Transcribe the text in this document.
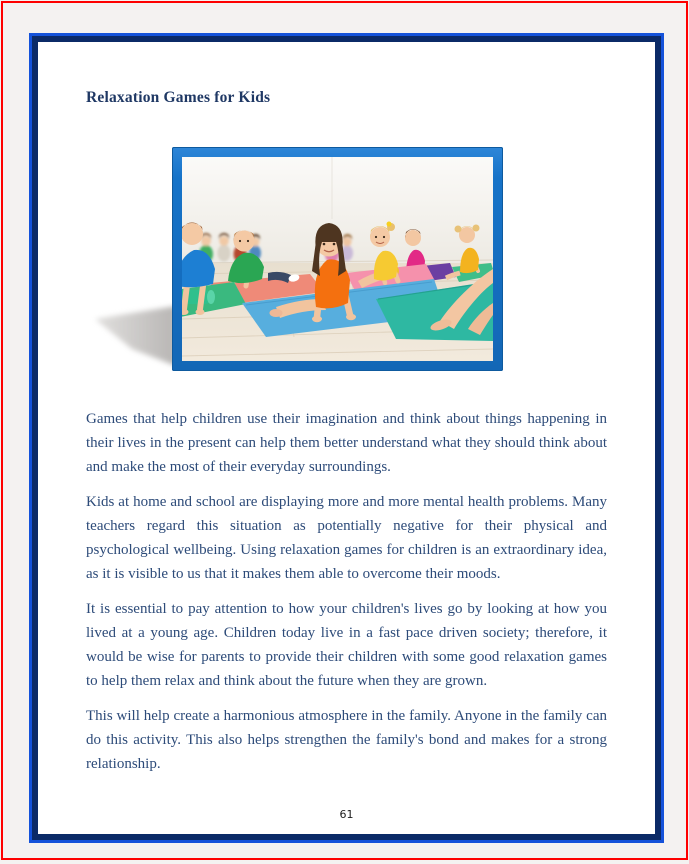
Relaxation Games for Kids

Games that help children use their imagination and think about things happening in their lives in the present can help them better understand what they should think about and make the most of their everyday surroundings.

Kids at home and school are displaying more and more mental health problems. Many teachers regard this situation as potentially negative for their physical and psychological wellbeing. Using relaxation games for children is an extraordinary idea, as it is visible to us that it makes them able to overcome their moods.

It is essential to pay attention to how your children's lives go by looking at how you lived at a young age. Children today live in a fast pace driven society; therefore, it would be wise for parents to provide their children with some good relaxation games to help them relax and think about the future when they are grown.

This will help create a harmonious atmosphere in the family. Anyone in the family can do this activity. This also helps strengthen the family's bond and makes for a strong relationship.

61
